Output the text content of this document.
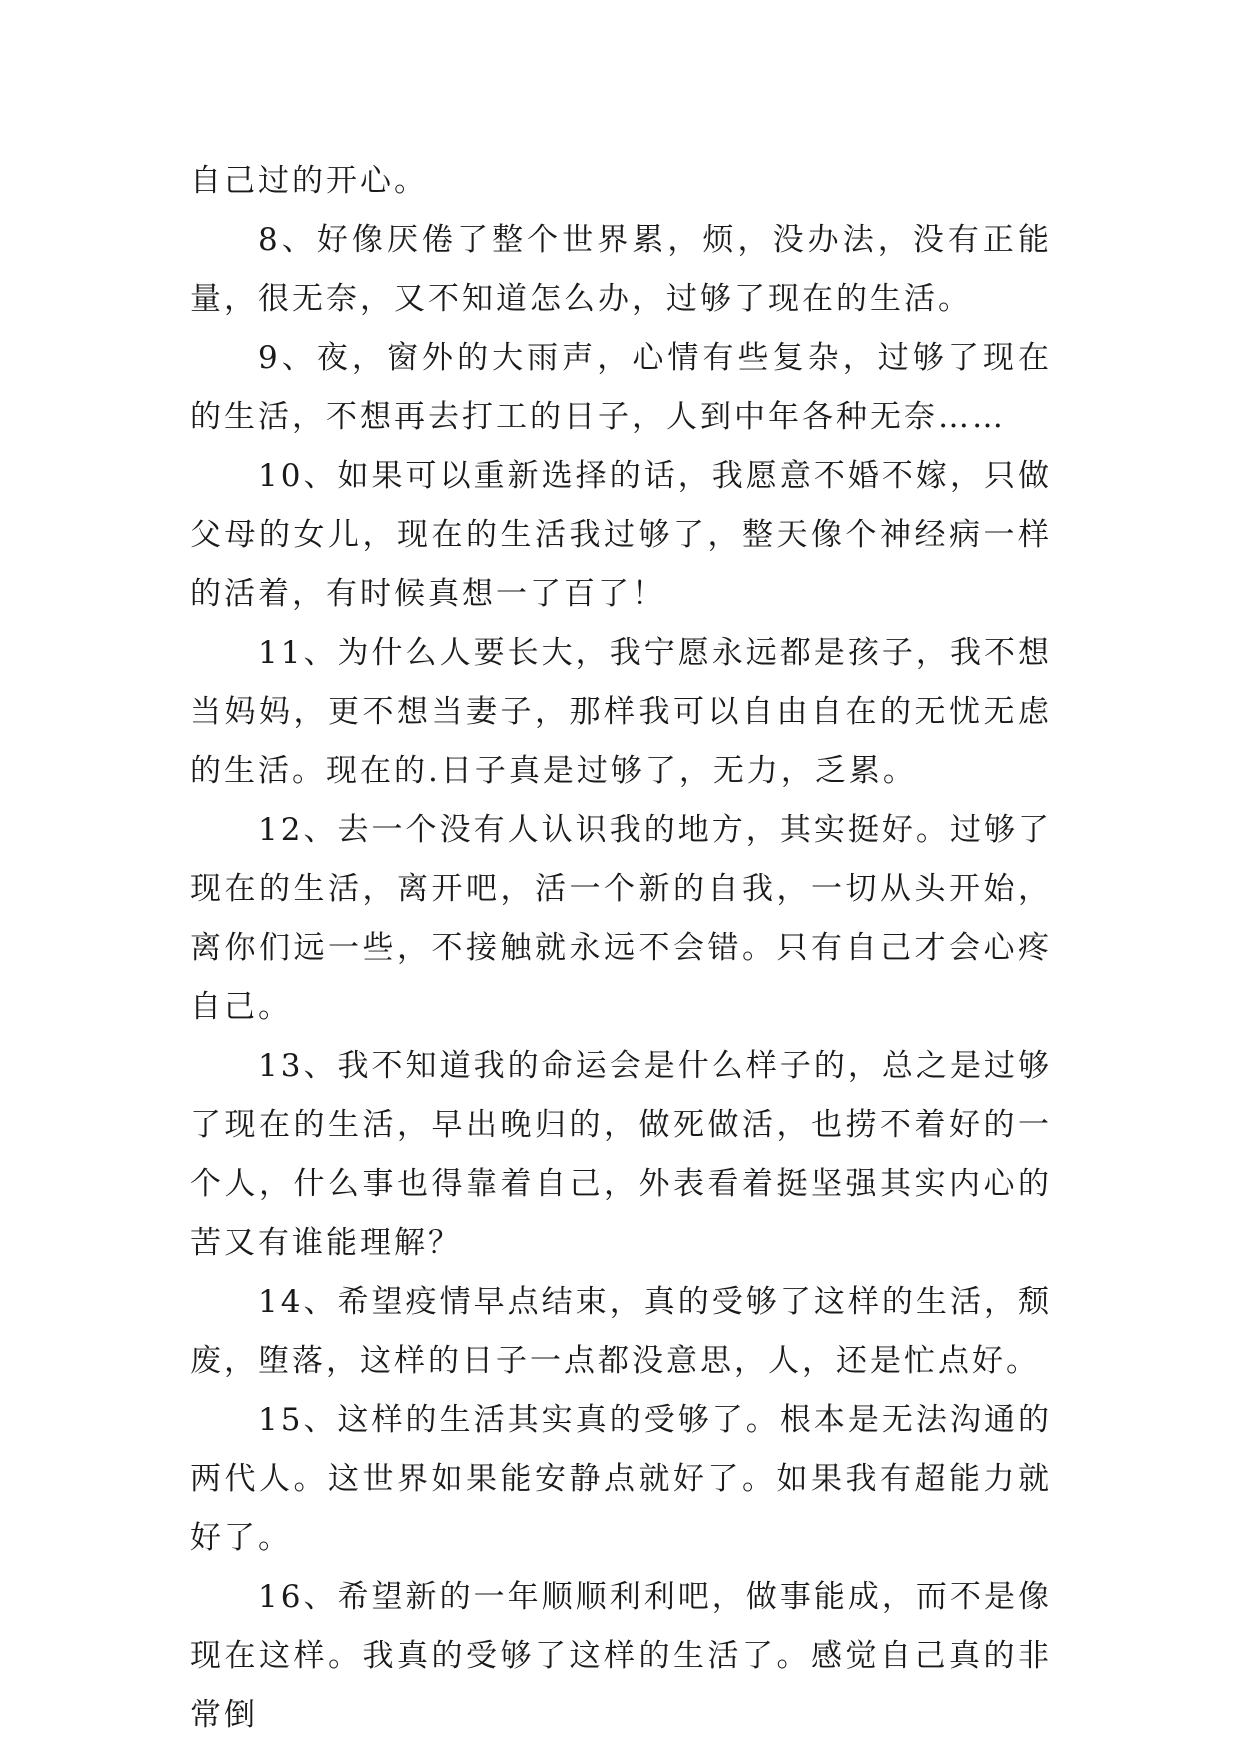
自己过的开心。

8、好像厌倦了整个世界累，烦，没办法，没有正能量，很无奈，又不知道怎么办，过够了现在的生活。

9、夜，窗外的大雨声，心情有些复杂，过够了现在的生活，不想再去打工的日子，人到中年各种无奈……

10、如果可以重新选择的话，我愿意不婚不嫁，只做父母的女儿，现在的生活我过够了，整天像个神经病一样的活着，有时候真想一了百了！

11、为什么人要长大，我宁愿永远都是孩子，我不想当妈妈，更不想当妻子，那样我可以自由自在的无忧无虑的生活。现在的.日子真是过够了，无力，乏累。

12、去一个没有人认识我的地方，其实挺好。过够了现在的生活，离开吧，活一个新的自我，一切从头开始，离你们远一些，不接触就永远不会错。只有自己才会心疼自己。

13、我不知道我的命运会是什么样子的，总之是过够了现在的生活，早出晚归的，做死做活，也捞不着好的一个人，什么事也得靠着自己，外表看着挺坚强其实内心的苦又有谁能理解？

14、希望疫情早点结束，真的受够了这样的生活，颓废，堕落，这样的日子一点都没意思，人，还是忙点好。

15、这样的生活其实真的受够了。根本是无法沟通的两代人。这世界如果能安静点就好了。如果我有超能力就好了。

16、希望新的一年顺顺利利吧，做事能成，而不是像现在这样。我真的受够了这样的生活了。感觉自己真的非常倒
